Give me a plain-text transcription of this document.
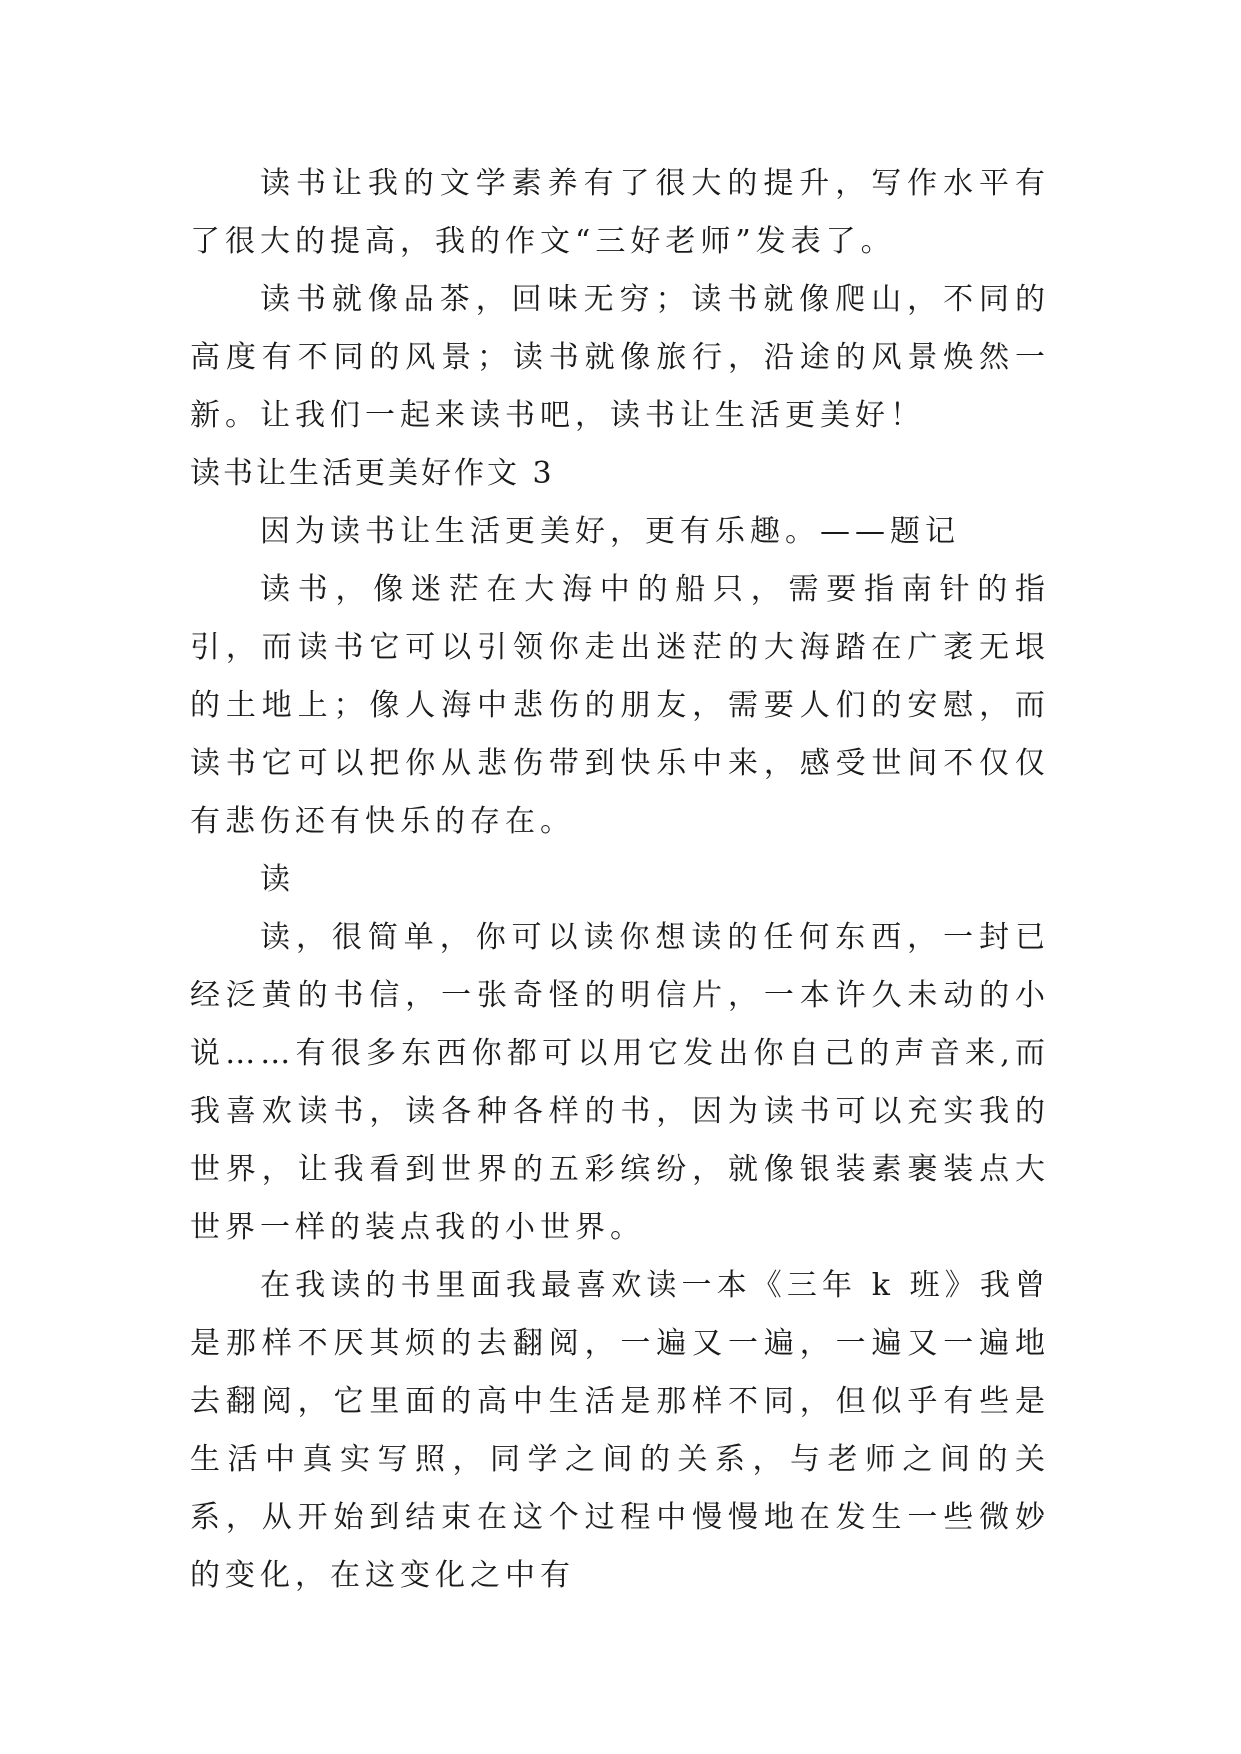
读书让我的文学素养有了很大的提升，写作水平有了很大的提高，我的作文“三好老师”发表了。

读书就像品茶，回味无穷；读书就像爬山，不同的高度有不同的风景；读书就像旅行，沿途的风景焕然一新。让我们一起来读书吧，读书让生活更美好！

读书让生活更美好作文 3

因为读书让生活更美好，更有乐趣。——题记

读书，像迷茫在大海中的船只，需要指南针的指引，而读书它可以引领你走出迷茫的大海踏在广袤无垠的土地上；像人海中悲伤的朋友，需要人们的安慰，而读书它可以把你从悲伤带到快乐中来，感受世间不仅仅有悲伤还有快乐的存在。

读

读，很简单，你可以读你想读的任何东西，一封已经泛黄的书信，一张奇怪的明信片，一本许久未动的小说……有很多东西你都可以用它发出你自己的声音来,而我喜欢读书，读各种各样的书，因为读书可以充实我的世界，让我看到世界的五彩缤纷，就像银装素裹装点大世界一样的装点我的小世界。

在我读的书里面我最喜欢读一本《三年 k 班》我曾是那样不厌其烦的去翻阅，一遍又一遍，一遍又一遍地去翻阅，它里面的高中生活是那样不同，但似乎有些是生活中真实写照，同学之间的关系，与老师之间的关系，从开始到结束在这个过程中慢慢地在发生一些微妙的变化，在这变化之中有
